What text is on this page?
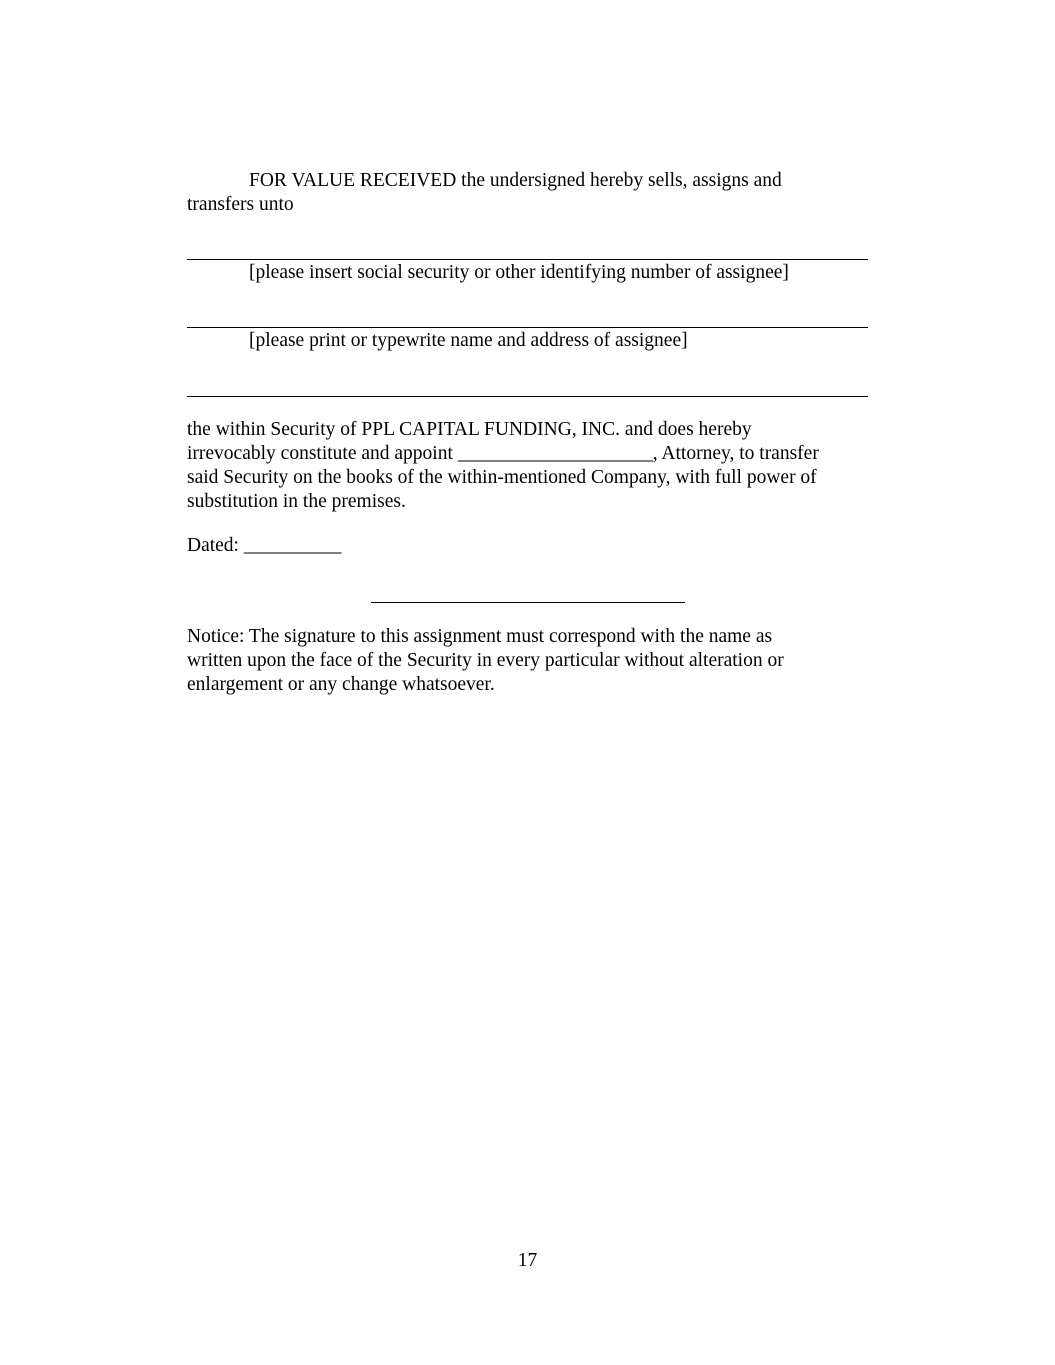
FOR VALUE RECEIVED the undersigned hereby sells, assigns and
transfers unto
[please insert social security or other identifying number of assignee]
[please print or typewrite name and address of assignee]
the within Security of PPL CAPITAL FUNDING, INC. and does hereby
irrevocably constitute and appoint ____________________, Attorney, to transfer
said Security on the books of the within-mentioned Company, with full power of
substitution in the premises.
Dated: __________
Notice: The signature to this assignment must correspond with the name as
written upon the face of the Security in every particular without alteration or
enlargement or any change whatsoever.
17
